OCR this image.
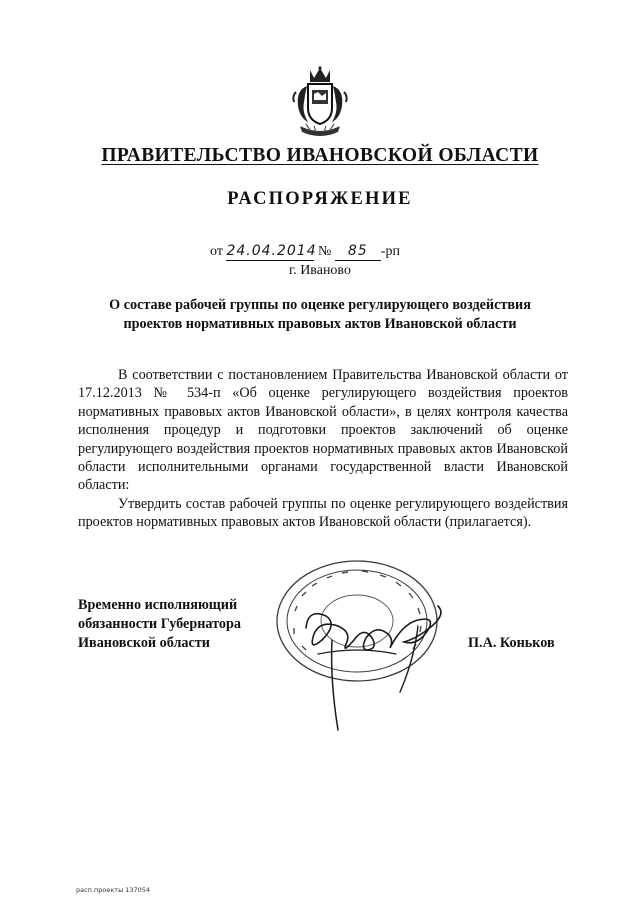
ПРАВИТЕЛЬСТВО ИВАНОВСКОЙ ОБЛАСТИ
РАСПОРЯЖЕНИЕ
от 24.04.2014 № 85 -рп
г. Иваново
О составе рабочей группы по оценке регулирующего воздействия
проектов нормативных правовых актов Ивановской области

В соответствии с постановлением Правительства Ивановской области от 17.12.2013 № 534-п «Об оценке регулирующего воздействия проектов нормативных правовых актов Ивановской области», в целях контроля качества исполнения процедур и подготовки проектов заключений об оценке регулирующего воздействия проектов нормативных правовых актов Ивановской области исполнительными органами государственной власти Ивановской области:

Утвердить состав рабочей группы по оценке регулирующего воздействия проектов нормативных правовых актов Ивановской области (прилагается).

Временно исполняющий
обязанности Губернатора
Ивановской области	П.А. Коньков
расп.проекты 137054
